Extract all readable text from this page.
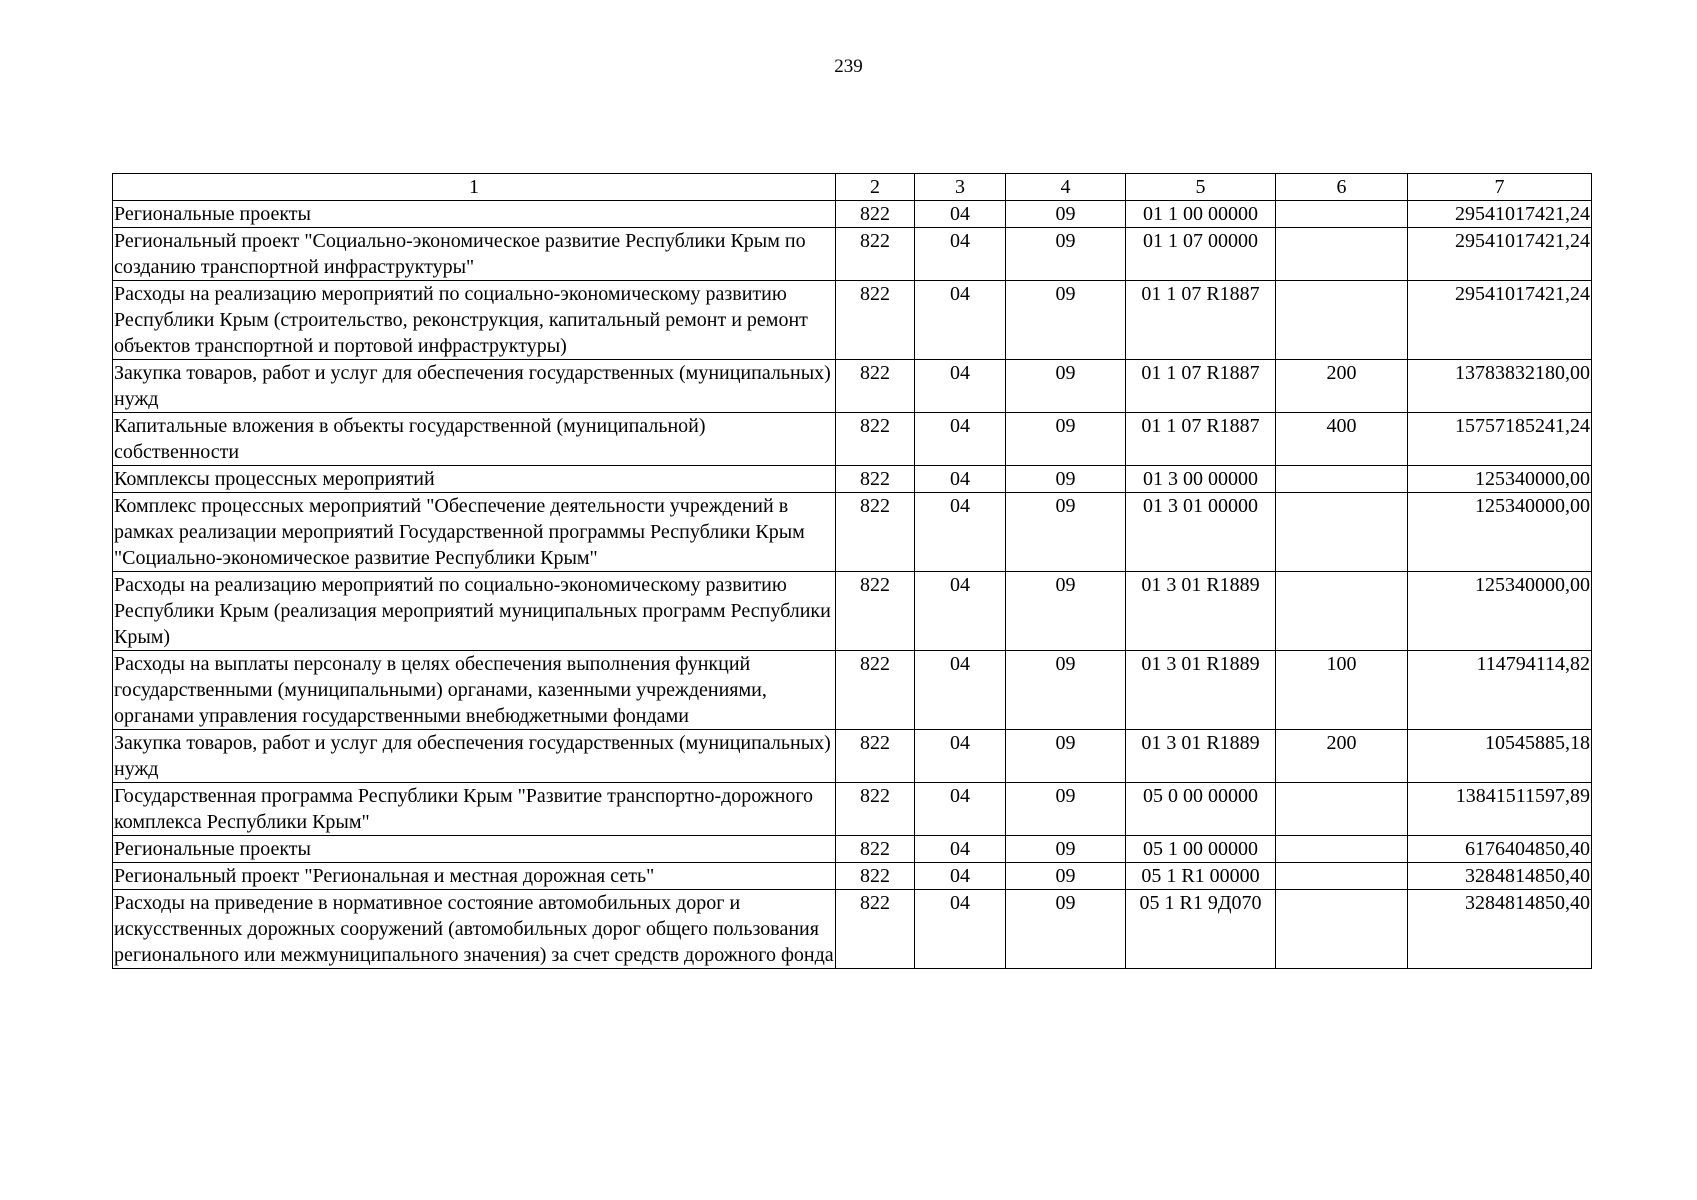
239
1	2	3	4	5	6	7
Региональные проекты	822	04	09	01 1 00 00000		29541017421,24
Региональный проект "Социально-экономическое развитие Республики Крым по созданию транспортной инфраструктуры"	822	04	09	01 1 07 00000		29541017421,24
Расходы на реализацию мероприятий по социально-экономическому развитию Республики Крым (строительство, реконструкция, капитальный ремонт и ремонт объектов транспортной и портовой инфраструктуры)	822	04	09	01 1 07 R1887		29541017421,24
Закупка товаров, работ и услуг для обеспечения государственных (муниципальных) нужд	822	04	09	01 1 07 R1887	200	13783832180,00
Капитальные вложения в объекты государственной (муниципальной) собственности	822	04	09	01 1 07 R1887	400	15757185241,24
Комплексы процессных мероприятий	822	04	09	01 3 00 00000		125340000,00
Комплекс процессных мероприятий "Обеспечение деятельности учреждений в рамках реализации мероприятий Государственной программы Республики Крым "Социально-экономическое развитие Республики Крым"	822	04	09	01 3 01 00000		125340000,00
Расходы на реализацию мероприятий по социально-экономическому развитию Республики Крым (реализация мероприятий муниципальных программ Республики Крым)	822	04	09	01 3 01 R1889		125340000,00
Расходы на выплаты персоналу в целях обеспечения выполнения функций государственными (муниципальными) органами, казенными учреждениями, органами управления государственными внебюджетными фондами	822	04	09	01 3 01 R1889	100	114794114,82
Закупка товаров, работ и услуг для обеспечения государственных (муниципальных) нужд	822	04	09	01 3 01 R1889	200	10545885,18
Государственная программа Республики Крым "Развитие транспортно-дорожного комплекса Республики Крым"	822	04	09	05 0 00 00000		13841511597,89
Региональные проекты	822	04	09	05 1 00 00000		6176404850,40
Региональный проект "Региональная и местная дорожная сеть"	822	04	09	05 1 R1 00000		3284814850,40
Расходы на приведение в нормативное состояние автомобильных дорог и искусственных дорожных сооружений (автомобильных дорог общего пользования регионального или межмуниципального значения) за счет средств дорожного фонда	822	04	09	05 1 R1 9Д070		3284814850,40
